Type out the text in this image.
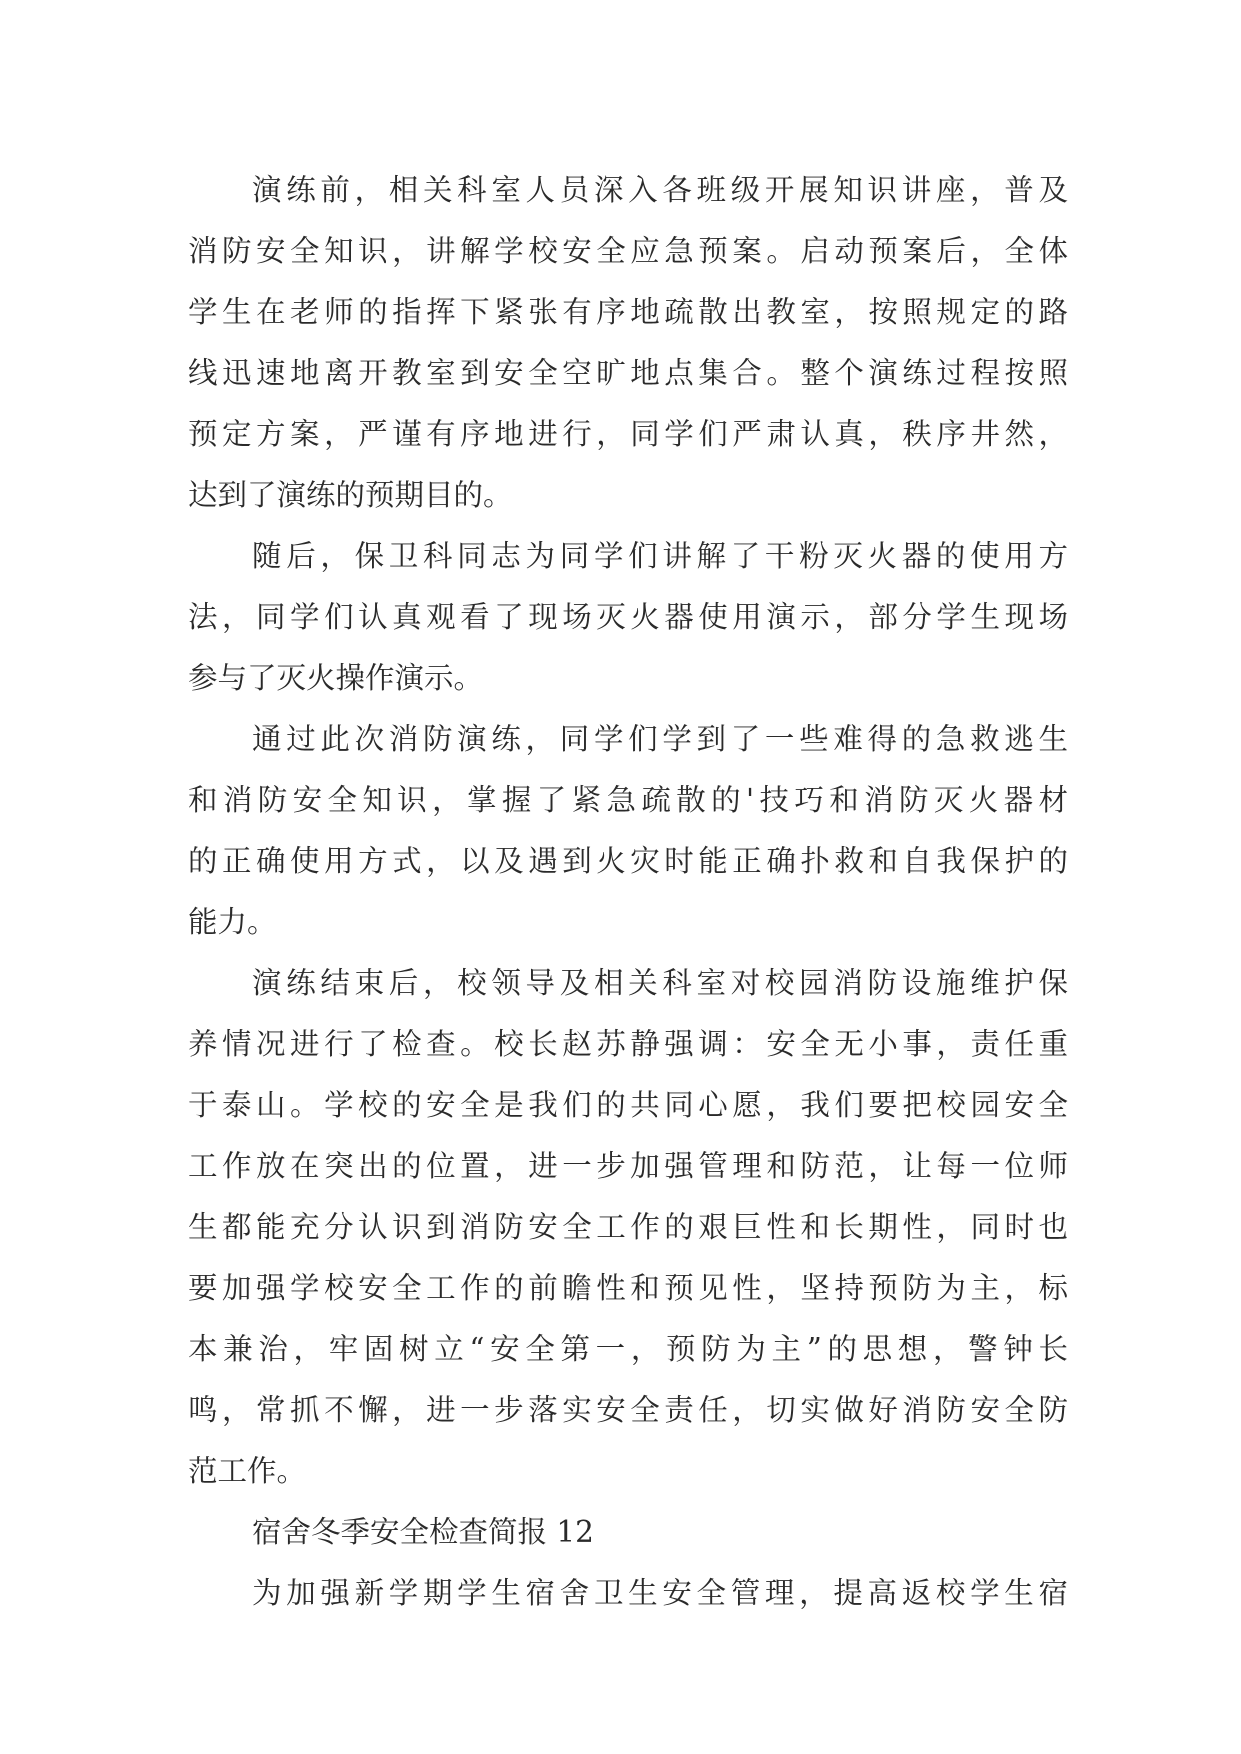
演练前，相关科室人员深入各班级开展知识讲座，普及
消防安全知识，讲解学校安全应急预案。启动预案后，全体
学生在老师的指挥下紧张有序地疏散出教室，按照规定的路
线迅速地离开教室到安全空旷地点集合。整个演练过程按照
预定方案，严谨有序地进行，同学们严肃认真，秩序井然，
达到了演练的预期目的。
随后，保卫科同志为同学们讲解了干粉灭火器的使用方
法，同学们认真观看了现场灭火器使用演示，部分学生现场
参与了灭火操作演示。
通过此次消防演练，同学们学到了一些难得的急救逃生
和消防安全知识，掌握了紧急疏散的'技巧和消防灭火器材
的正确使用方式，以及遇到火灾时能正确扑救和自我保护的
能力。
演练结束后，校领导及相关科室对校园消防设施维护保
养情况进行了检查。校长赵苏静强调：安全无小事，责任重
于泰山。学校的安全是我们的共同心愿，我们要把校园安全
工作放在突出的位置，进一步加强管理和防范，让每一位师
生都能充分认识到消防安全工作的艰巨性和长期性，同时也
要加强学校安全工作的前瞻性和预见性，坚持预防为主，标
本兼治，牢固树立“安全第一，预防为主”的思想，警钟长
鸣，常抓不懈，进一步落实安全责任，切实做好消防安全防
范工作。
宿舍冬季安全检查简报 12
为加强新学期学生宿舍卫生安全管理，提高返校学生宿
